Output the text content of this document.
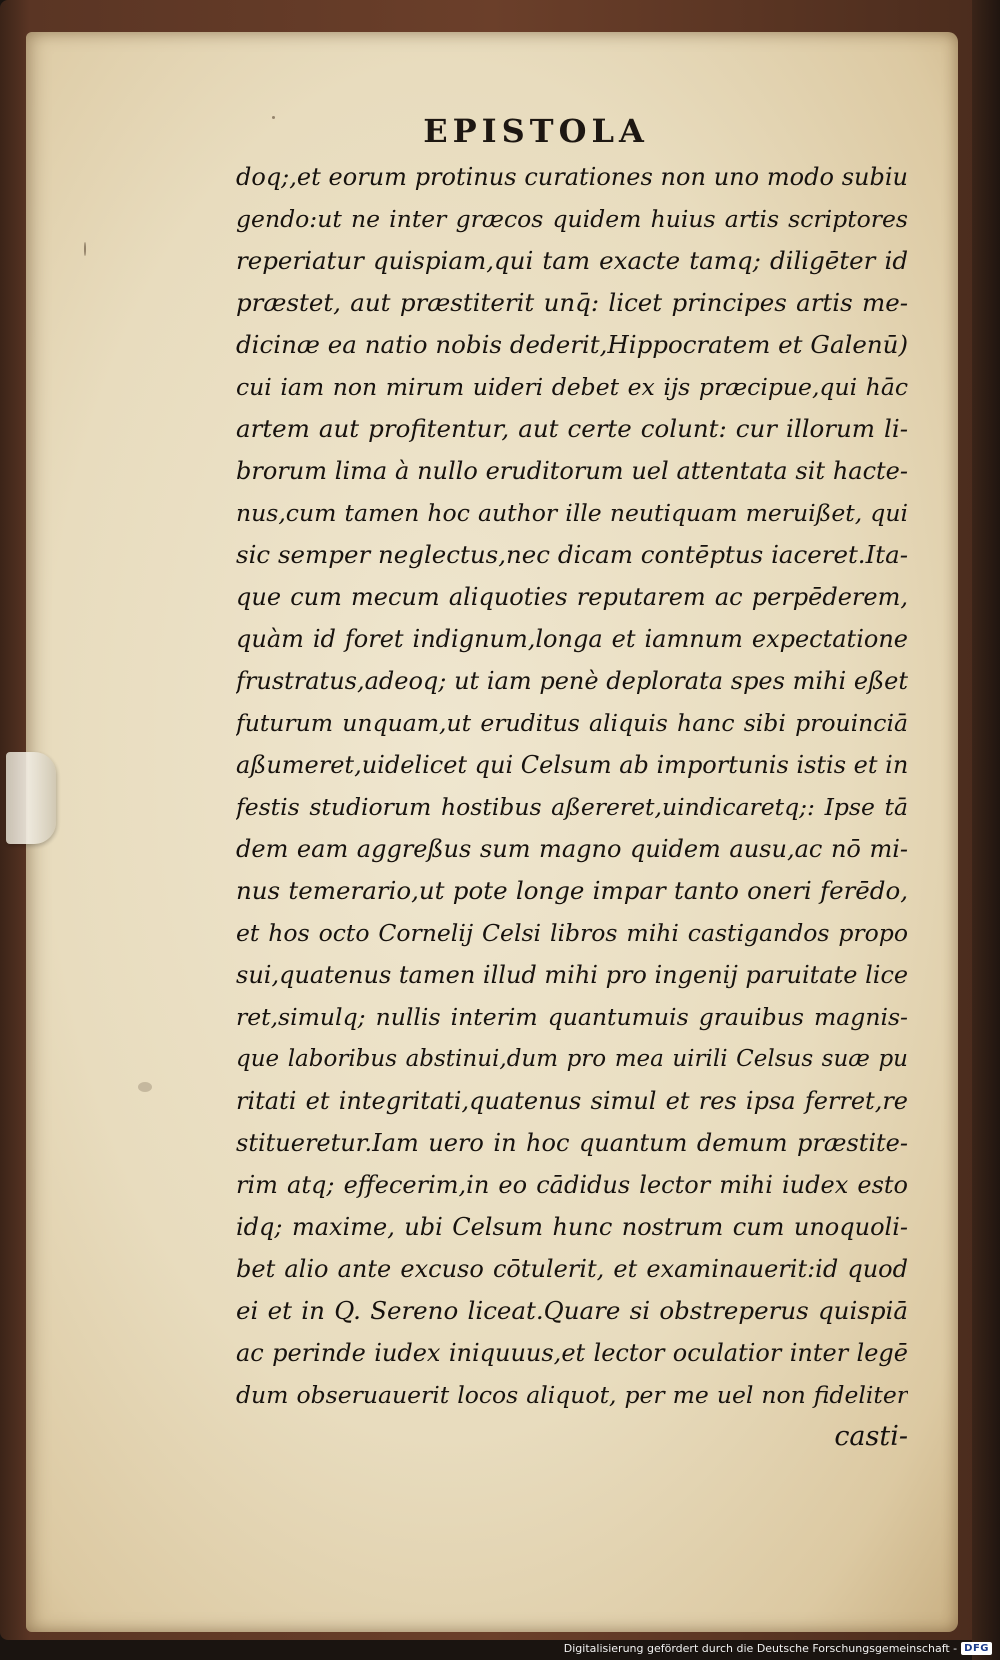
EPISTOLA
doq;,et eorum protinus curationes non uno modo subiu
gendo:ut ne inter græcos quidem huius artis scriptores
reperiatur quispiam,qui tam exacte tamq; diligēter id
præstet, aut præstiterit unq̄: licet principes artis me-
dicinæ ea natio nobis dederit,Hippocratem et Galenū)
cui iam non mirum uideri debet ex ijs præcipue,qui hāc
artem aut profitentur, aut certe colunt: cur illorum li-
brorum lima à nullo eruditorum uel attentata sit hacte-
nus,cum tamen hoc author ille neutiquam meruißet, qui
sic semper neglectus,nec dicam contēptus iaceret.Ita-
que cum mecum aliquoties reputarem ac perpēderem,
quàm id foret indignum,longa et iamnum expectatione
frustratus,adeoq; ut iam penè deplorata spes mihi eßet
futurum unquam,ut eruditus aliquis hanc sibi prouinciā
aßumeret,uidelicet qui Celsum ab importunis istis et in
festis studiorum hostibus aßereret,uindicaretq;: Ipse tā
dem eam aggreßus sum magno quidem ausu,ac nō mi-
nus temerario,ut pote longe impar tanto oneri ferēdo,
et hos octo Cornelij Celsi libros mihi castigandos propo
sui,quatenus tamen illud mihi pro ingenij paruitate lice
ret,simulq; nullis interim quantumuis grauibus magnis-
que laboribus abstinui,dum pro mea uirili Celsus suæ pu
ritati et integritati,quatenus simul et res ipsa ferret,re
stitueretur.Iam uero in hoc quantum demum præstite-
rim atq; effecerim,in eo cādidus lector mihi iudex esto
idq; maxime, ubi Celsum hunc nostrum cum unoquoli-
bet alio ante excuso cōtulerit, et examinauerit:id quod
ei et in Q. Sereno liceat.Quare si obstreperus quispiā
ac perinde iudex iniquuus,et lector oculatior inter legē
dum obseruauerit locos aliquot, per me uel non fideliter
casti-
Digitalisierung gefördert durch die Deutsche Forschungsgemeinschaft - DFG
